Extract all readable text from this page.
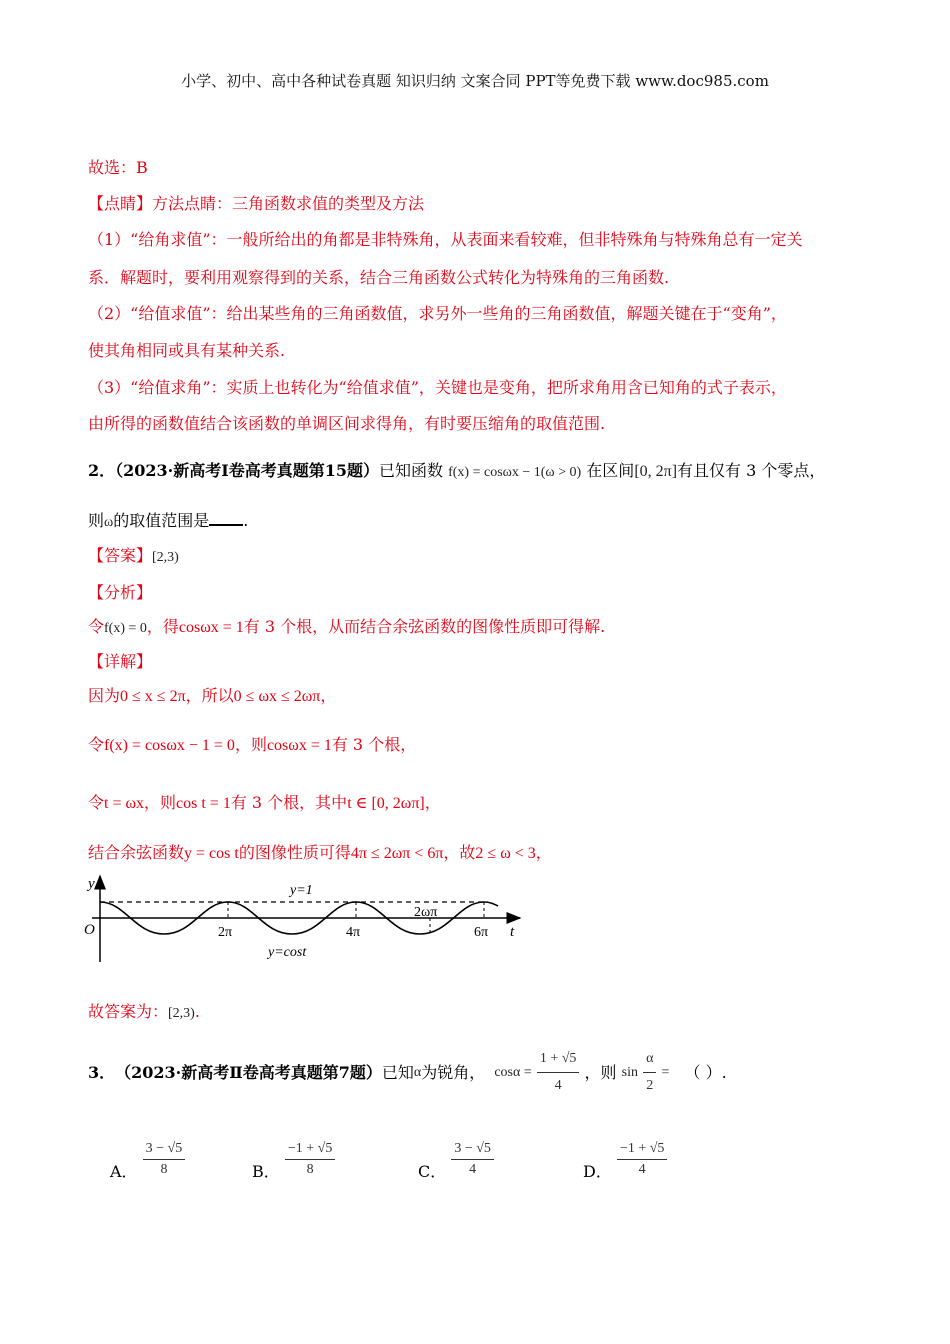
小学、初中、高中各种试卷真题 知识归纳 文案合同 PPT等免费下载 www.doc985.com
故选：B
【点睛】方法点睛：三角函数求值的类型及方法
（1）“给角求值”：一般所给出的角都是非特殊角，从表面来看较难，但非特殊角与特殊角总有一定关
系．解题时，要利用观察得到的关系，结合三角函数公式转化为特殊角的三角函数.
（2）“给值求值”：给出某些角的三角函数值，求另外一些角的三角函数值，解题关键在于“变角”，
使其角相同或具有某种关系.
（3）“给值求角”：实质上也转化为“给值求值”，关键也是变角，把所求角用含已知角的式子表示，
由所得的函数值结合该函数的单调区间求得角，有时要压缩角的取值范围.
2．（2023·新高考Ⅰ卷高考真题第15题）已知函数 f(x) = cosωx − 1(ω > 0) 在区间[0, 2π]有且仅有 3 个零点，
则ω的取值范围是 .
【答案】[2,3)
【分析】
令f(x) = 0，得cosωx = 1有 3 个根，从而结合余弦函数的图像性质即可得解.
【详解】
因为0 ≤ x ≤ 2π，所以0 ≤ ωx ≤ 2ωπ，
令f(x) = cosωx − 1 = 0，则cosωx = 1有 3 个根，
令t = ωx，则cos t = 1有 3 个根，其中t ∈ [0, 2ωπ]，
结合余弦函数y = cos t的图像性质可得4π ≤ 2ωπ < 6π，故2 ≤ ω < 3，
y
O	t
y=1
y=cost
2π	4π
2ωπ
6π
故答案为：[2,3).
3．（2023·新高考Ⅱ卷高考真题第7题）已知α为锐角， $\cos\alpha = \frac{1 + √5}{4}$ ，则 $\sin \frac{\alpha}{2}$ = （ ）.
A． $\frac{3 - √5}{8}$	B． $\frac{-1 + √5}{8}$	C． $\frac{3 - √5}{4}$	D． $\frac{-1 + √5}{4}$
